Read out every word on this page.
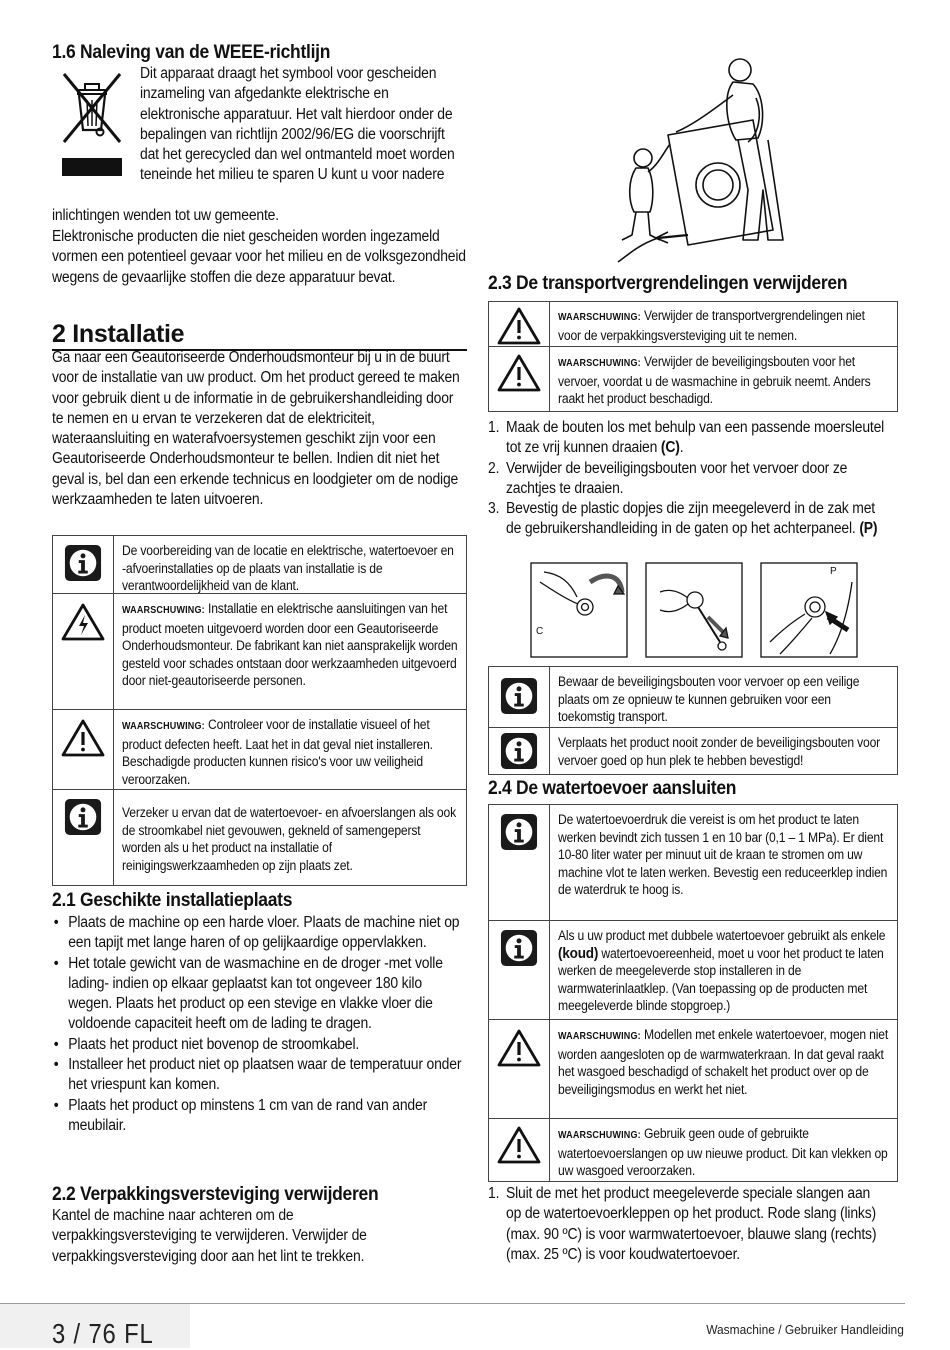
1.6 Naleving van de WEEE-richtlijn

Dit apparaat draagt het symbool voor gescheiden inzameling van afgedankte elektrische en elektronische apparatuur. Het valt hierdoor onder de bepalingen van richtlijn 2002/96/EG die voorschrijft dat het gerecycled dan wel ontmanteld moet worden teneinde het milieu te sparen U kunt u voor nadere

inlichtingen wenden tot uw gemeente.

Elektronische producten die niet gescheiden worden ingezameld vormen een potentieel gevaar voor het milieu en de volksgezondheid wegens de gevaarlijke stoffen die deze apparatuur bevat.

2 Installatie

Ga naar een Geautoriseerde Onderhoudsmonteur bij u in de buurt voor de installatie van uw product. Om het product gereed te maken voor gebruik dient u de informatie in de gebruikershandleiding door te nemen en u ervan te verzekeren dat de elektriciteit, wateraansluiting en waterafvoersystemen geschikt zijn voor een Geautoriseerde Onderhoudsmonteur te bellen. Indien dit niet het geval is, bel dan een erkende technicus en loodgieter om de nodige werkzaamheden te laten uitvoeren.

De voorbereiding van de locatie en elektrische, watertoevoer en -afvoerinstallaties op de plaats van installatie is de verantwoordelijkheid van de klant.
WAARSCHUWING: Installatie en elektrische aansluitingen van het product moeten uitgevoerd worden door een Geautoriseerde Onderhoudsmonteur. De fabrikant kan niet aansprakelijk worden gesteld voor schades ontstaan door werkzaamheden uitgevoerd door niet-geautoriseerde personen.
WAARSCHUWING: Controleer voor de installatie visueel of het product defecten heeft. Laat het in dat geval niet installeren. Beschadigde producten kunnen risico's voor uw veiligheid veroorzaken.
Verzeker u ervan dat de watertoevoer- en afvoerslangen als ook de stroomkabel niet gevouwen, gekneld of samengeperst worden als u het product na installatie of reinigingswerkzaamheden op zijn plaats zet.
2.1 Geschikte installatieplaats
• Plaats de machine op een harde vloer. Plaats de machine niet op een tapijt met lange haren of op gelijkaardige oppervlakken.
• Het totale gewicht van de wasmachine en de droger -met volle lading- indien op elkaar geplaatst kan tot ongeveer 180 kilo wegen. Plaats het product op een stevige en vlakke vloer die voldoende capaciteit heeft om de lading te dragen.
• Plaats het product niet bovenop de stroomkabel.
• Installeer het product niet op plaatsen waar de temperatuur onder het vriespunt kan komen.
• Plaats het product op minstens 1 cm van de rand van ander meubilair.
2.2 Verpakkingsversteviging verwijderen

Kantel de machine naar achteren om de verpakkingsversteviging te verwijderen. Verwijder de verpakkingsversteviging door aan het lint te trekken.

2.3 De transportvergrendelingen verwijderen
WAARSCHUWING: Verwijder de transportvergrendelingen niet voor de verpakkingsversteviging uit te nemen.
WAARSCHUWING: Verwijder de beveiligingsbouten voor het vervoer, voordat u de wasmachine in gebruik neemt. Anders raakt het product beschadigd.
1. Maak de bouten los met behulp van een passende moersleutel tot ze vrij kunnen draaien (C).
2. Verwijder de beveiligingsbouten voor het vervoer door ze zachtjes te draaien.
3. Bevestig de plastic dopjes die zijn meegeleverd in de zak met de gebruikershandleiding in de gaten op het achterpaneel. (P)
C
P
Bewaar de beveiligingsbouten voor vervoer op een veilige plaats om ze opnieuw te kunnen gebruiken voor een toekomstig transport.
Verplaats het product nooit zonder de beveiligingsbouten voor vervoer goed op hun plek te hebben bevestigd!
2.4 De watertoevoer aansluiten
De watertoevoerdruk die vereist is om het product te laten werken bevindt zich tussen 1 en 10 bar (0,1 – 1 MPa). Er dient 10-80 liter water per minuut uit de kraan te stromen om uw machine vlot te laten werken. Bevestig een reduceerklep indien de waterdruk te hoog is.
Als u uw product met dubbele watertoevoer gebruikt als enkele (koud) watertoevoereenheid, moet u voor het product te laten werken de meegeleverde stop installeren in de warmwaterinlaatklep. (Van toepassing op de producten met meegeleverde blinde stopgroep.)
WAARSCHUWING: Modellen met enkele watertoevoer, mogen niet worden aangesloten op de warmwaterkraan. In dat geval raakt het wasgoed beschadigd of schakelt het product over op de beveiligingsmodus en werkt het niet.
WAARSCHUWING: Gebruik geen oude of gebruikte watertoevoerslangen op uw nieuwe product. Dit kan vlekken op uw wasgoed veroorzaken.
1. Sluit de met het product meegeleverde speciale slangen aan op de watertoevoerkleppen op het product. Rode slang (links) (max. 90 ºC) is voor warmwatertoevoer, blauwe slang (rechts) (max. 25 ºC) is voor koudwatertoevoer.
3 / 76 FL	Wasmachine / Gebruiker Handleiding
